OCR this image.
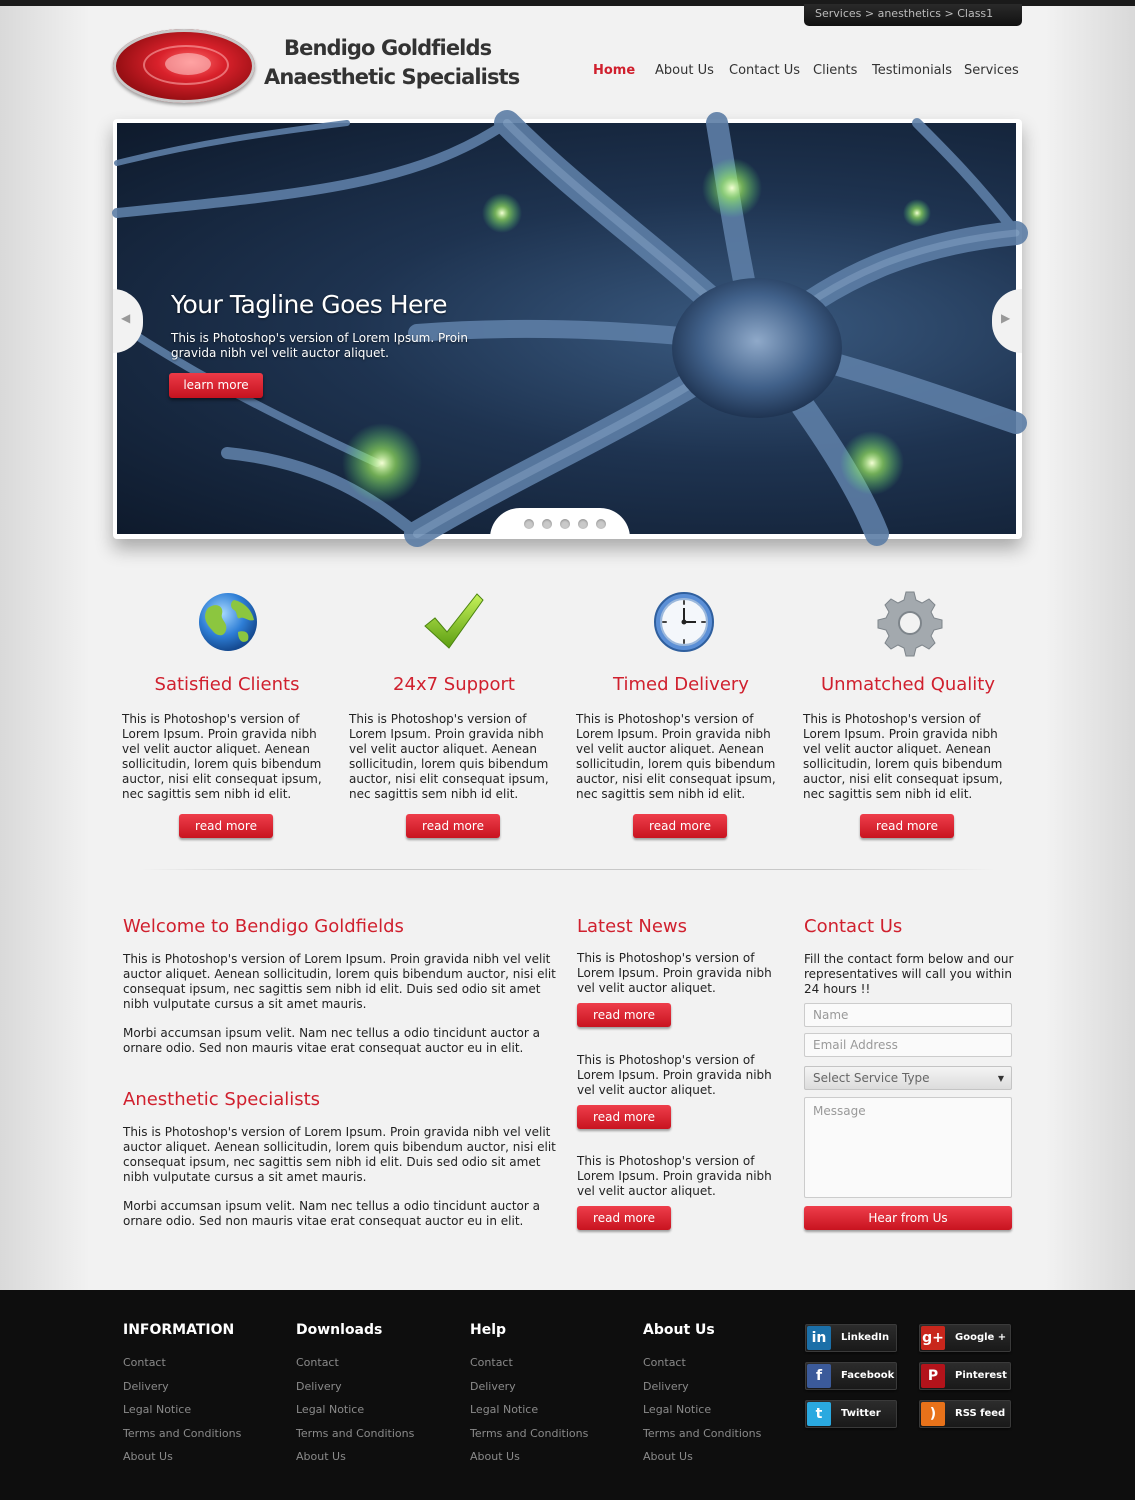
Services > anesthetics > Class1
Bendigo Goldfields
Anaesthetic Specialists	Home About Us Contact Us Clients Testimonials Services
◀	▶
Your Tagline Goes Here
This is Photoshop's version of Lorem Ipsum. Proin gravida nibh vel velit auctor aliquet.
learn more
Satisfied Clients

This is Photoshop's version of Lorem Ipsum. Proin gravida nibh vel velit auctor aliquet. Aenean sollicitudin, lorem quis bibendum auctor, nisi elit consequat ipsum, nec sagittis sem nibh id elit.

read more
24x7 Support

This is Photoshop's version of Lorem Ipsum. Proin gravida nibh vel velit auctor aliquet. Aenean sollicitudin, lorem quis bibendum auctor, nisi elit consequat ipsum, nec sagittis sem nibh id elit.

read more
Timed Delivery

This is Photoshop's version of Lorem Ipsum. Proin gravida nibh vel velit auctor aliquet. Aenean sollicitudin, lorem quis bibendum auctor, nisi elit consequat ipsum, nec sagittis sem nibh id elit.

read more
Unmatched Quality

This is Photoshop's version of Lorem Ipsum. Proin gravida nibh vel velit auctor aliquet. Aenean sollicitudin, lorem quis bibendum auctor, nisi elit consequat ipsum, nec sagittis sem nibh id elit.

read more
Welcome to Bendigo Goldfields
This is Photoshop's version of Lorem Ipsum. Proin gravida nibh vel velit auctor aliquet. Aenean sollicitudin, lorem quis bibendum auctor, nisi elit consequat ipsum, nec sagittis sem nibh id elit. Duis sed odio sit amet nibh vulputate cursus a sit amet mauris.
Morbi accumsan ipsum velit. Nam nec tellus a odio tincidunt auctor a ornare odio. Sed non mauris vitae erat consequat auctor eu in elit.
Anesthetic Specialists
This is Photoshop's version of Lorem Ipsum. Proin gravida nibh vel velit auctor aliquet. Aenean sollicitudin, lorem quis bibendum auctor, nisi elit consequat ipsum, nec sagittis sem nibh id elit. Duis sed odio sit amet nibh vulputate cursus a sit amet mauris.
Morbi accumsan ipsum velit. Nam nec tellus a odio tincidunt auctor a ornare odio. Sed non mauris vitae erat consequat auctor eu in elit.
Latest News
This is Photoshop's version of Lorem Ipsum. Proin gravida nibh vel velit auctor aliquet.
read more
This is Photoshop's version of Lorem Ipsum. Proin gravida nibh vel velit auctor aliquet.
read more
This is Photoshop's version of Lorem Ipsum. Proin gravida nibh vel velit auctor aliquet.
read more
Contact Us
Fill the contact form below and our representatives will call you within 24 hours !!
Name
Email Address
Select Service Type	▼
Message
Hear from Us
INFORMATION
Contact
Delivery
Legal Notice
Terms and Conditions
About Us
Downloads
Contact
Delivery
Legal Notice
Terms and Conditions
About Us
Help
Contact
Delivery
Legal Notice
Terms and Conditions
About Us
About Us
Contact
Delivery
Legal Notice
Terms and Conditions
About Us
in	LinkedIn g+ Google +
f	Facebook	P	Pinterest
t	Twitter	)	RSS feed
